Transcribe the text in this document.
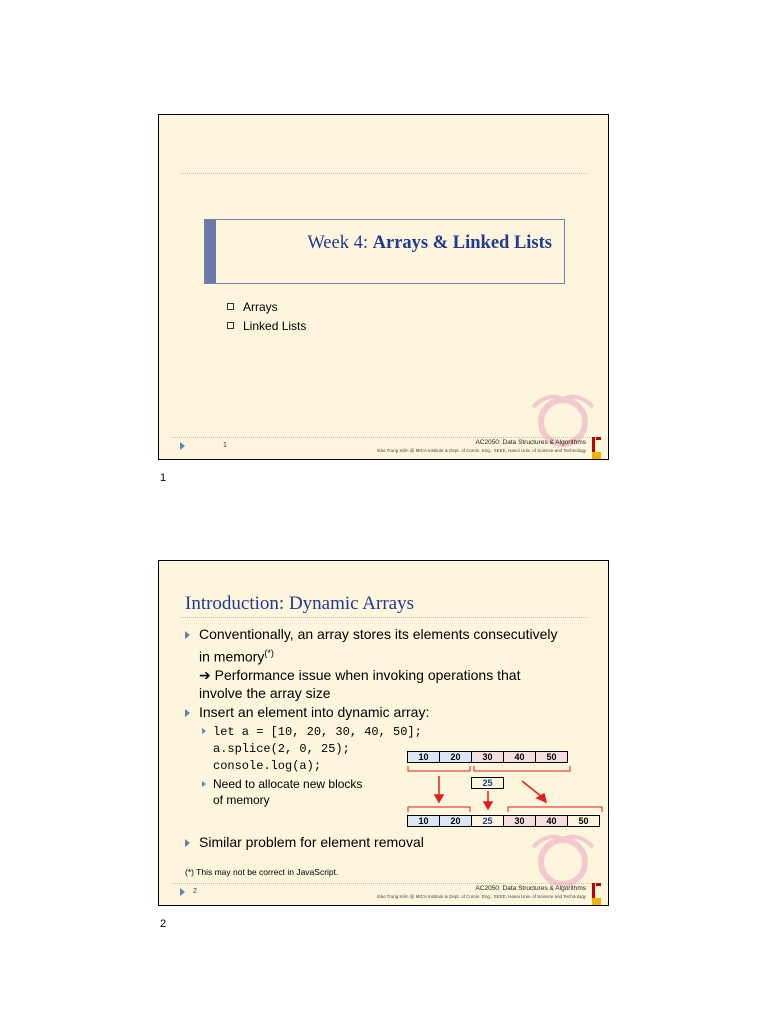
Week 4: Arrays & Linked Lists
Arrays
Linked Lists
1	AC2050: Data Structures & Algorithms
Đào Trung Kiên @ MICA Institute & Dept. of Comm. Eng., SEEE, Hanoi Univ. of Science and Technology
1
Introduction: Dynamic Arrays
Conventionally, an array stores its elements consecutively
in memory(*)
➔ Performance issue when invoking operations that
involve the array size
Insert an element into dynamic array:
let a = [10, 20, 30, 40, 50];
a.splice(2, 0, 25);
console.log(a);
Need to allocate new blocks
of memory
10	20	30	40	50
25
10	20	25	30	40	50
Similar problem for element removal
(*) This may not be correct in JavaScript.
2	AC2050: Data Structures & Algorithms
Đào Trung Kiên @ MICA Institute & Dept. of Comm. Eng., SEEE, Hanoi Univ. of Science and Technology
2
